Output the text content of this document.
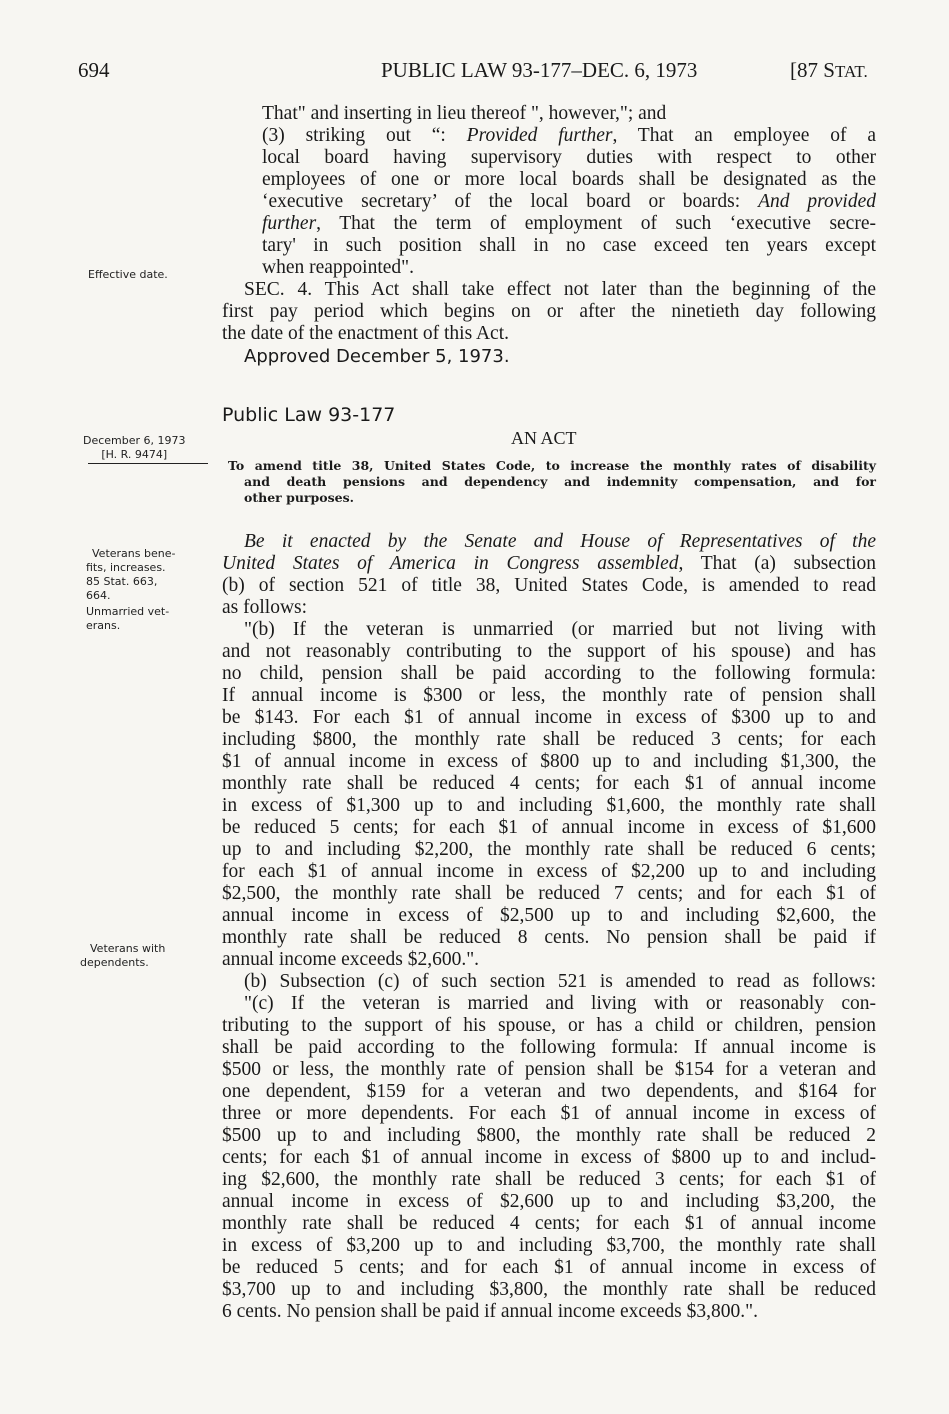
694	PUBLIC LAW 93-177–DEC. 6, 1973	[87 STAT.
That" and inserting in lieu thereof ", however,"; and
(3) striking out “: Provided further, That an employee of a
local board having supervisory duties with respect to other
employees of one or more local boards shall be designated as the
‘executive secretary’ of the local board or boards: And provided
further, That the term of employment of such ‘executive secre-
tary' in such position shall in no case exceed ten years except
when reappointed".
SEC. 4. This Act shall take effect not later than the beginning of the
first pay period which begins on or after the ninetieth day following
the date of the enactment of this Act.
Approved December 5, 1973.
Effective date.
December 6, 1973
[H. R. 9474]
Veterans bene-
fits, increases.
85 Stat. 663,
664.
Unmarried vet-
erans.
Veterans with
dependents.
Public Law 93-177
AN ACT
To amend title 38, United States Code, to increase the monthly rates of disability
and death pensions and dependency and indemnity compensation, and for
other purposes.
Be it enacted by the Senate and House of Representatives of the
United States of America in Congress assembled, That (a) subsection
(b) of section 521 of title 38, United States Code, is amended to read
as follows:
"(b) If the veteran is unmarried (or married but not living with
and not reasonably contributing to the support of his spouse) and has
no child, pension shall be paid according to the following formula:
If annual income is $300 or less, the monthly rate of pension shall
be $143. For each $1 of annual income in excess of $300 up to and
including $800, the monthly rate shall be reduced 3 cents; for each
$1 of annual income in excess of $800 up to and including $1,300, the
monthly rate shall be reduced 4 cents; for each $1 of annual income
in excess of $1,300 up to and including $1,600, the monthly rate shall
be reduced 5 cents; for each $1 of annual income in excess of $1,600
up to and including $2,200, the monthly rate shall be reduced 6 cents;
for each $1 of annual income in excess of $2,200 up to and including
$2,500, the monthly rate shall be reduced 7 cents; and for each $1 of
annual income in excess of $2,500 up to and including $2,600, the
monthly rate shall be reduced 8 cents. No pension shall be paid if
annual income exceeds $2,600.".
(b) Subsection (c) of such section 521 is amended to read as follows:
"(c) If the veteran is married and living with or reasonably con-
tributing to the support of his spouse, or has a child or children, pension
shall be paid according to the following formula: If annual income is
$500 or less, the monthly rate of pension shall be $154 for a veteran and
one dependent, $159 for a veteran and two dependents, and $164 for
three or more dependents. For each $1 of annual income in excess of
$500 up to and including $800, the monthly rate shall be reduced 2
cents; for each $1 of annual income in excess of $800 up to and includ-
ing $2,600, the monthly rate shall be reduced 3 cents; for each $1 of
annual income in excess of $2,600 up to and including $3,200, the
monthly rate shall be reduced 4 cents; for each $1 of annual income
in excess of $3,200 up to and including $3,700, the monthly rate shall
be reduced 5 cents; and for each $1 of annual income in excess of
$3,700 up to and including $3,800, the monthly rate shall be reduced
6 cents. No pension shall be paid if annual income exceeds $3,800.".
